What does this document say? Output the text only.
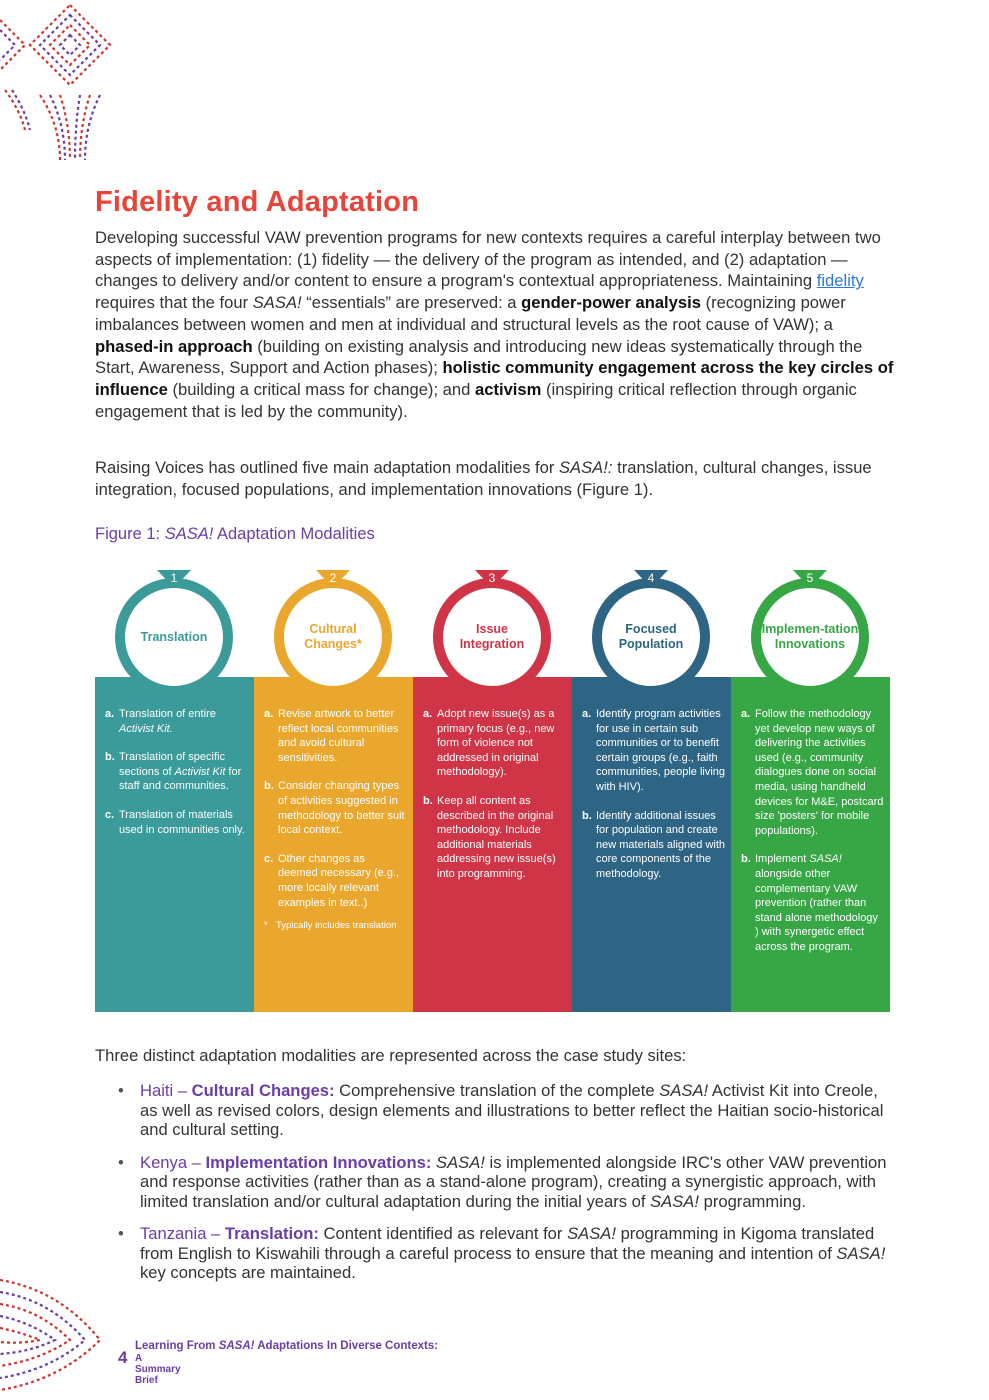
Fidelity and Adaptation

Developing successful VAW prevention programs for new contexts requires a careful interplay between two aspects of implementation: (1) fidelity — the delivery of the program as intended, and (2) adaptation — changes to delivery and/or content to ensure a program's contextual appropriateness. Maintaining fidelity requires that the four SASA! “essentials” are preserved: a gender-power analysis (recognizing power imbalances between women and men at individual and structural levels as the root cause of VAW); a phased-in approach (building on existing analysis and introducing new ideas systematically through the Start, Awareness, Support and Action phases); holistic community engagement across the key circles of influence (building a critical mass for change); and activism (inspiring critical reflection through organic engagement that is led by the community).

Raising Voices has outlined five main adaptation modalities for SASA!: translation, cultural changes, issue integration, focused populations, and implementation innovations (Figure 1).

Figure 1: SASA! Adaptation Modalities
a. Translation of entire Activist Kit.
b. Translation of specific sections of Activist Kit for staff and communities.
c. Translation of materials used in communities only.
Translation
1
a. Revise artwork to better reflect local communities and avoid cultural sensitivities.
b. Consider changing types of activities suggested in methodology to better suit local context.
c. Other changes as deemed necessary (e.g., more locally relevant examples in text..)
* Typically includes translation
Cultural Changes*
2
a. Adopt new issue(s) as a primary focus (e.g., new form of violence not addressed in original methodology).
b. Keep all content as described in the original methodology. Include additional materials addressing new issue(s) into programming.
Issue Integration
3
a. Identify program activities for use in certain sub communities or to benefit certain groups (e.g., faith communities, people living with HIV).
b. Identify additional issues for population and create new materials aligned with core components of the methodology.
Focused Population
4
a. Follow the methodology yet develop new ways of delivering the activities used (e.g., community dialogues done on social media, using handheld devices for M&E, postcard size 'posters' for mobile populations).
b. Implement SASA! alongside other complementary VAW prevention (rather than stand alone methodology ) with synergetic effect across the program.
Implemen-tation Innovations
5

Three distinct adaptation modalities are represented across the case study sites:

• Haiti – Cultural Changes: Comprehensive translation of the complete SASA! Activist Kit into Creole, as well as revised colors, design elements and illustrations to better reflect the Haitian socio-historical and cultural setting.
• Kenya – Implementation Innovations: SASA! is implemented alongside IRC's other VAW prevention and response activities (rather than as a stand-alone program), creating a synergistic approach, with limited translation and/or cultural adaptation during the initial years of SASA! programming.
• Tanzania – Translation: Content identified as relevant for SASA! programming in Kigoma translated from English to Kiswahili through a careful process to ensure that the meaning and intention of SASA! key concepts are maintained.
4
Learning From SASA! Adaptations In Diverse Contexts:
A Summary Brief
